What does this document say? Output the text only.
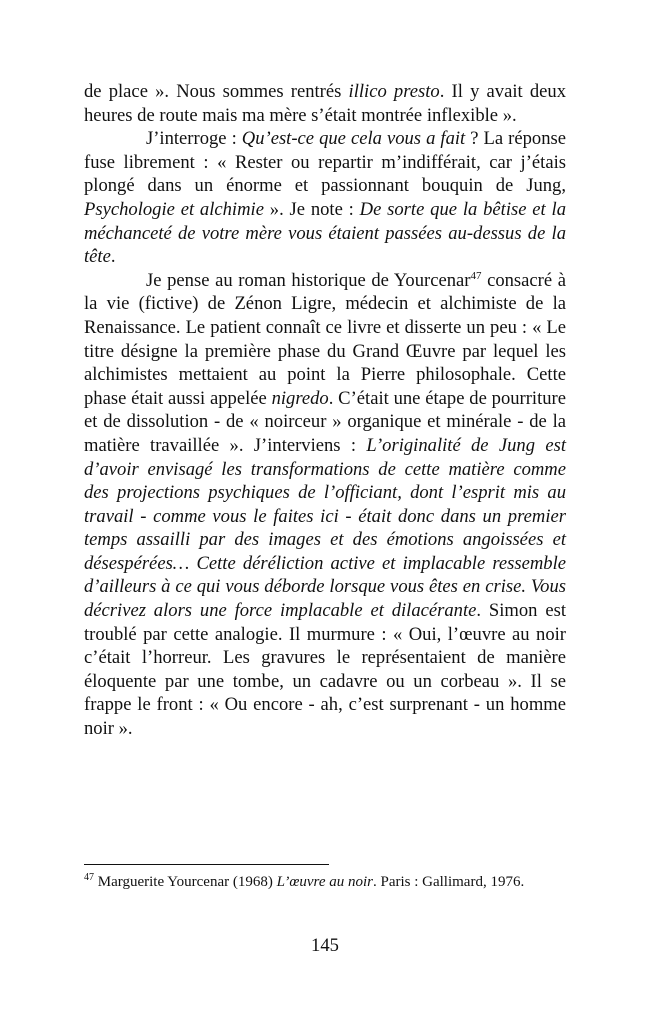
de place ». Nous sommes rentrés illico presto. Il y avait deux heures de route mais ma mère s’était montrée inflexible ».

J’interroge : Qu’est-ce que cela vous a fait ? La réponse fuse librement : « Rester ou repartir m’indifférait, car j’étais plongé dans un énorme et passionnant bouquin de Jung, Psychologie et alchimie ». Je note : De sorte que la bêtise et la méchanceté de votre mère vous étaient passées au-dessus de la tête.

Je pense au roman historique de Yourcenar$^{47}$ consacré à la vie (fictive) de Zénon Ligre, médecin et alchimiste de la Renaissance. Le patient connaît ce livre et disserte un peu : « Le titre désigne la première phase du Grand Œuvre par lequel les alchimistes mettaient au point la Pierre philosophale. Cette phase était aussi appelée nigredo. C’était une étape de pourriture et de dissolution - de « noirceur » organique et minérale - de la matière travaillée ». J’interviens : L’originalité de Jung est d’avoir envisagé les transformations de cette matière comme des projections psychiques de l’officiant, dont l’esprit mis au travail - comme vous le faites ici - était donc dans un premier temps assailli par des images et des émotions angoissées et désespérées… Cette déréliction active et implacable ressemble d’ailleurs à ce qui vous déborde lorsque vous êtes en crise. Vous décrivez alors une force implacable et dilacérante. Simon est troublé par cette analogie. Il murmure : « Oui, l’œuvre au noir c’était l’horreur. Les gravures le représentaient de manière éloquente par une tombe, un cadavre ou un corbeau ». Il se frappe le front : « Ou encore - ah, c’est surprenant - un homme noir ».

$^{47}$ Marguerite Yourcenar (1968) L’œuvre au noir. Paris : Gallimard, 1976.

145
